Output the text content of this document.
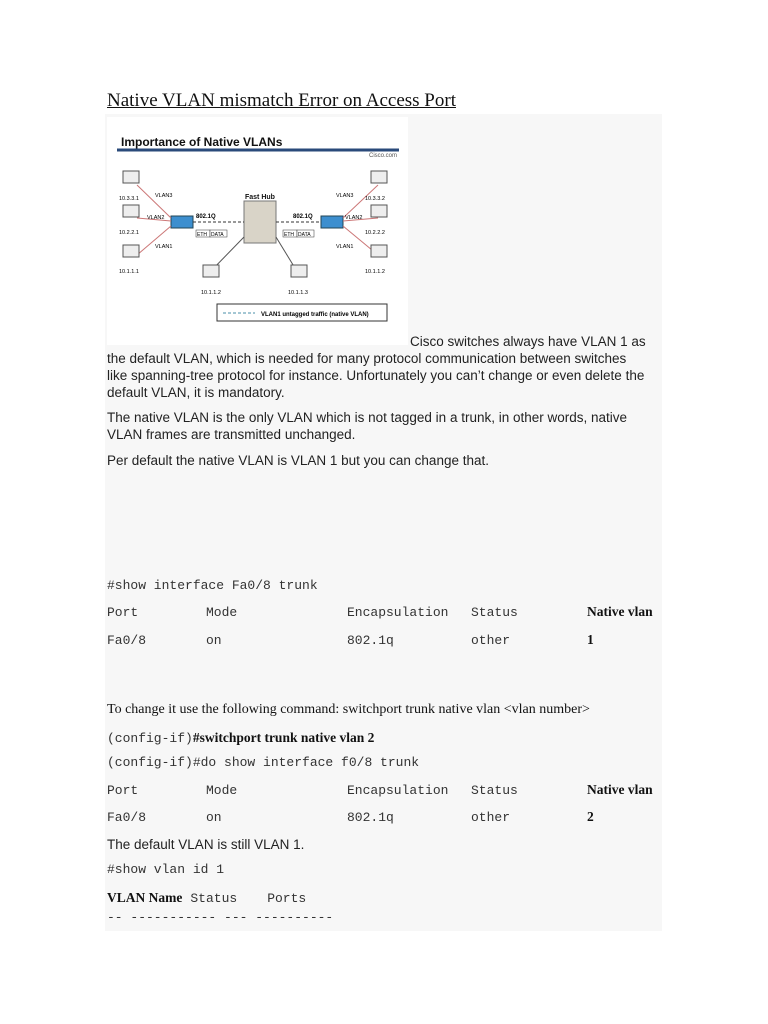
Native VLAN mismatch Error on Access Port
Importance of Native VLANs
Cisco.com
Fast Hub
802.1Q	802.1Q
ETH DATA	ETH DATA
VLAN3
VLAN2
VLAN1
VLAN3
VLAN2
VLAN1
10.3.3.1
10.2.2.1
10.1.1.1
10.3.3.2
10.2.2.2
10.1.1.2
10.1.1.2	10.1.1.3
VLAN1 untagged traffic (native VLAN)
Cisco switches always have VLAN 1 as
the default VLAN, which is needed for many protocol communication between switches
like spanning-tree protocol for instance. Unfortunately you can’t change or even delete the
default VLAN, it is mandatory.
The native VLAN is the only VLAN which is not tagged in a trunk, in other words, native
VLAN frames are transmitted unchanged.
Per default the native VLAN is VLAN 1 but you can change that.
#show interface Fa0/8 trunk
Port	Mode	Encapsulation Status	Native vlan
Fa0/8	on	802.1q	other	1
To change it use the following command: switchport trunk native vlan <vlan number>
(config-if)#switchport trunk native vlan 2
(config-if)#do show interface f0/8 trunk
Port	Mode	Encapsulation Status	Native vlan
Fa0/8	on	802.1q	other	2
The default VLAN is still VLAN 1.
#show vlan id 1
VLAN Name Status Ports
-- ----------- --- ----------
